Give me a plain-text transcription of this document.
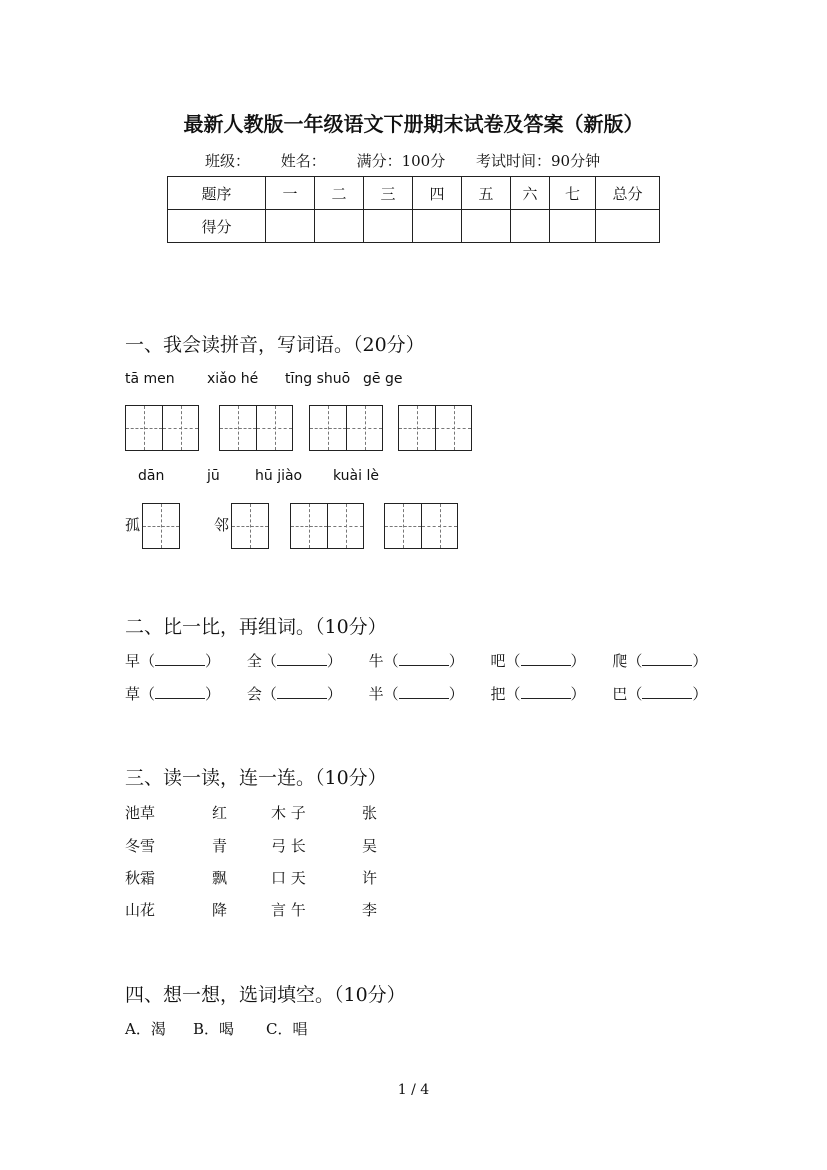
最新人教版一年级语文下册期末试卷及答案（新版）
班级： 姓名： 满分：100分 考试时间：90分钟
题序	一	二	三	四	五	六	七	总分
得分								
一、我会读拼音，写词语。（20分）
tā men xiǎo hé tīng shuō gē ge
dān	jū	hū jiào kuài lè
孤	邻
二、比一比，再组词。（10分）
早（	） 全（	） 牛（	） 吧（	） 爬（	）
草（	） 会（	） 半（	） 把（	） 巴（	）
三、读一读，连一连。（10分）
池草	红	木 子	张
冬雪	青	弓 长	吴
秋霜	飘	口 天	许
山花	降	言 午	李
四、想一想，选词填空。（10分）
A．渴 B．喝 C．唱
1 / 4
